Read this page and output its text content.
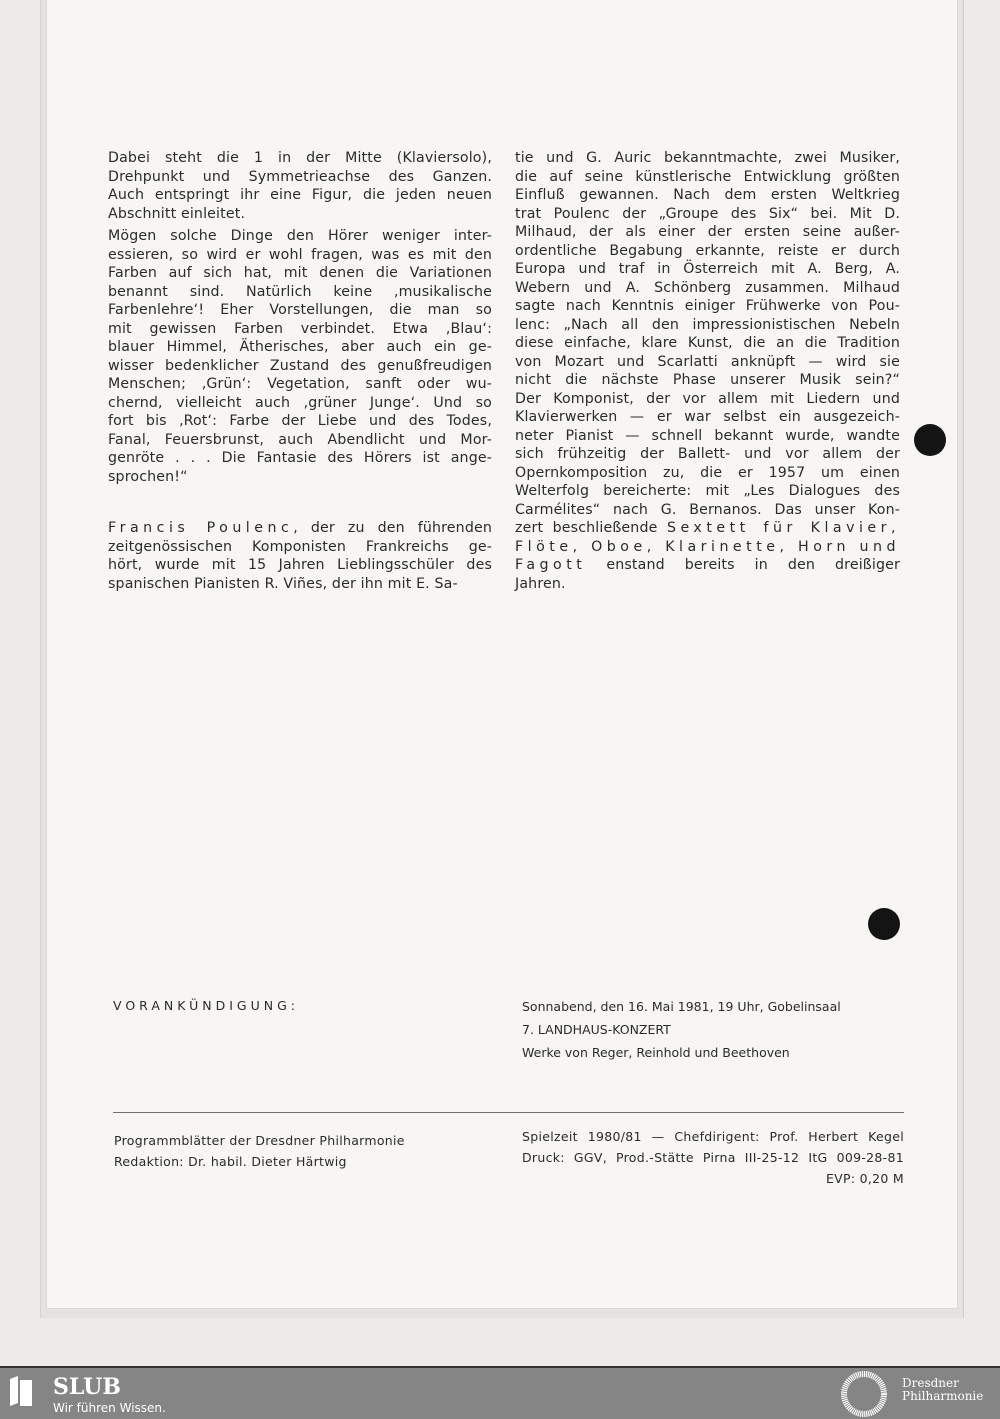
Dabei steht die 1 in der Mitte (Klaviersolo),
Drehpunkt und Symmetrieachse des Ganzen.
Auch entspringt ihr eine Figur, die jeden neuen
Abschnitt einleitet.
Mögen solche Dinge den Hörer weniger inter-
essieren, so wird er wohl fragen, was es mit den
Farben auf sich hat, mit denen die Variationen
benannt sind. Natürlich keine ‚musikalische
Farbenlehre‘! Eher Vorstellungen, die man so
mit gewissen Farben verbindet. Etwa ‚Blau‘:
blauer Himmel, Ätherisches, aber auch ein ge-
wisser bedenklicher Zustand des genußfreudigen
Menschen; ‚Grün‘: Vegetation, sanft oder wu-
chernd, vielleicht auch ‚grüner Junge‘. Und so
fort bis ‚Rot‘: Farbe der Liebe und des Todes,
Fanal, Feuersbrunst, auch Abendlicht und Mor-
genröte . . . Die Fantasie des Hörers ist ange-
sprochen!“
Francis Poulenc, der zu den führenden
zeitgenössischen Komponisten Frankreichs ge-
hört, wurde mit 15 Jahren Lieblingsschüler des
spanischen Pianisten R. Viñes, der ihn mit E. Sa-
tie und G. Auric bekanntmachte, zwei Musiker,
die auf seine künstlerische Entwicklung größten
Einfluß gewannen. Nach dem ersten Weltkrieg
trat Poulenc der „Groupe des Six“ bei. Mit D.
Milhaud, der als einer der ersten seine außer-
ordentliche Begabung erkannte, reiste er durch
Europa und traf in Österreich mit A. Berg, A.
Webern und A. Schönberg zusammen. Milhaud
sagte nach Kenntnis einiger Frühwerke von Pou-
lenc: „Nach all den impressionistischen Nebeln
diese einfache, klare Kunst, die an die Tradition
von Mozart und Scarlatti anknüpft — wird sie
nicht die nächste Phase unserer Musik sein?“
Der Komponist, der vor allem mit Liedern und
Klavierwerken — er war selbst ein ausgezeich-
neter Pianist — schnell bekannt wurde, wandte
sich frühzeitig der Ballett- und vor allem der
Opernkomposition zu, die er 1957 um einen
Welterfolg bereicherte: mit „Les Dialogues des
Carmélites“ nach G. Bernanos. Das unser Kon-
zert beschließende Sextett für Klavier,
Flöte, Oboe, Klarinette, Horn und
Fagott enstand bereits in den dreißiger
Jahren.
VORANKÜNDIGUNG:	Sonnabend, den 16. Mai 1981, 19 Uhr, Gobelinsaal
7. LANDHAUS-KONZERT
Werke von Reger, Reinhold und Beethoven
Programmblätter der Dresdner Philharmonie
Redaktion: Dr. habil. Dieter Härtwig
Spielzeit 1980/81 — Chefdirigent: Prof. Herbert Kegel
Druck: GGV, Prod.-Stätte Pirna III-25-12 ItG 009-28-81
EVP: 0,20 M
SLUB
Wir führen Wissen.
Dresdner
Philharmonie
